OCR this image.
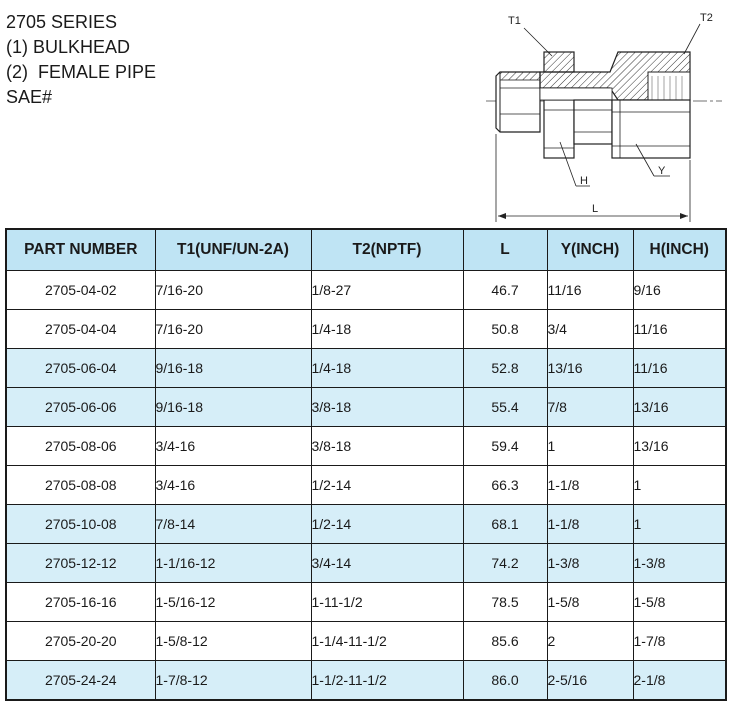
2705 SERIES
(1) BULKHEAD
(2)  FEMALE PIPE
SAE#
T1	T2
H
Y
L
PART NUMBER	T1(UNF/UN-2A)	T2(NPTF)	L	Y(INCH)	H(INCH)
2705-04-02	7/16-20	1/8-27	46.7	11/16	9/16
2705-04-04	7/16-20	1/4-18	50.8	3/4	11/16
2705-06-04	9/16-18	1/4-18	52.8	13/16	11/16
2705-06-06	9/16-18	3/8-18	55.4	7/8	13/16
2705-08-06	3/4-16	3/8-18	59.4	1	13/16
2705-08-08	3/4-16	1/2-14	66.3	1-1/8	1
2705-10-08	7/8-14	1/2-14	68.1	1-1/8	1
2705-12-12	1-1/16-12	3/4-14	74.2	1-3/8	1-3/8
2705-16-16	1-5/16-12	1-11-1/2	78.5	1-5/8	1-5/8
2705-20-20	1-5/8-12	1-1/4-11-1/2	85.6	2	1-7/8
2705-24-24	1-7/8-12	1-1/2-11-1/2	86.0	2-5/16	2-1/8
